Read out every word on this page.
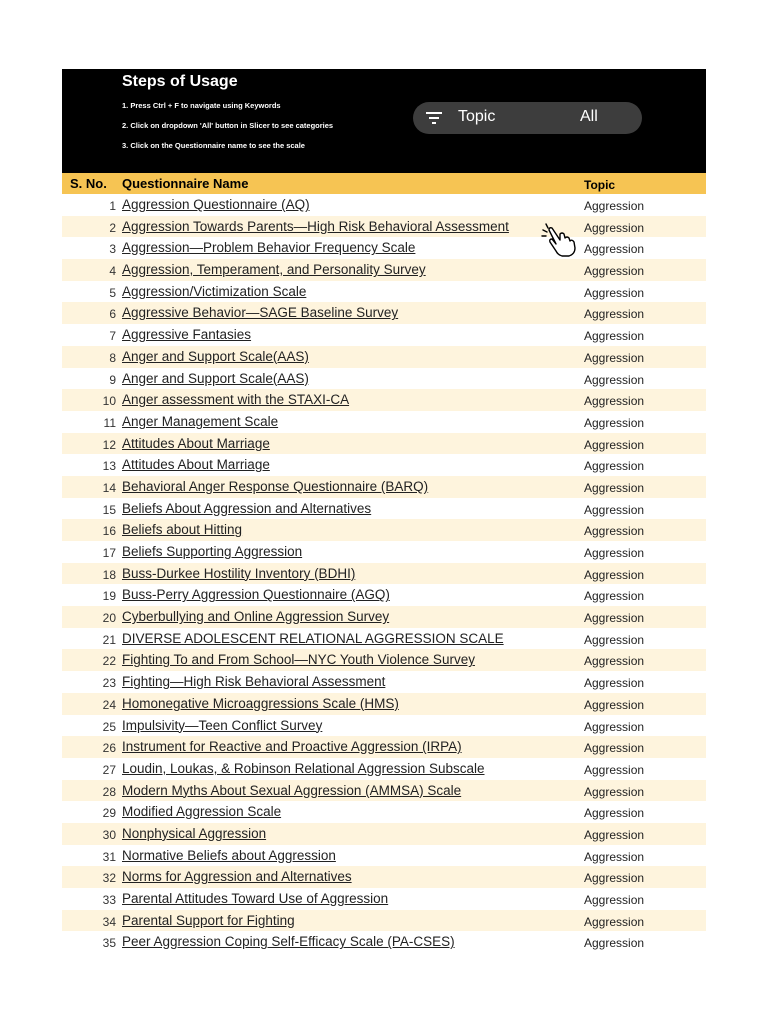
Steps of Usage
1. Press Ctrl + F to navigate using Keywords
2. Click on dropdown 'All' button in Slicer to see categories
3. Click on the Questionnaire name to see the scale
Topic	All
S. No. Questionnaire Name	Topic
1 Aggression Questionnaire (AQ)	Aggression
2 Aggression Towards Parents—High Risk Behavioral Assessment	Aggression
3 Aggression—Problem Behavior Frequency Scale	Aggression
4 Aggression, Temperament, and Personality Survey	Aggression
5 Aggression/Victimization Scale	Aggression
6 Aggressive Behavior—SAGE Baseline Survey	Aggression
7 Aggressive Fantasies	Aggression
8 Anger and Support Scale(AAS)	Aggression
9 Anger and Support Scale(AAS)	Aggression
10 Anger assessment with the STAXI-CA	Aggression
11 Anger Management Scale	Aggression
12 Attitudes About Marriage	Aggression
13 Attitudes About Marriage	Aggression
14 Behavioral Anger Response Questionnaire (BARQ)	Aggression
15 Beliefs About Aggression and Alternatives	Aggression
16 Beliefs about Hitting	Aggression
17 Beliefs Supporting Aggression	Aggression
18 Buss-Durkee Hostility Inventory (BDHI)	Aggression
19 Buss-Perry Aggression Questionnaire (AGQ)	Aggression
20 Cyberbullying and Online Aggression Survey	Aggression
21 DIVERSE ADOLESCENT RELATIONAL AGGRESSION SCALE	Aggression
22 Fighting To and From School—NYC Youth Violence Survey	Aggression
23 Fighting—High Risk Behavioral Assessment	Aggression
24 Homonegative Microaggressions Scale (HMS)	Aggression
25 Impulsivity—Teen Conflict Survey	Aggression
26 Instrument for Reactive and Proactive Aggression (IRPA)	Aggression
27 Loudin, Loukas, & Robinson Relational Aggression Subscale	Aggression
28 Modern Myths About Sexual Aggression (AMMSA) Scale	Aggression
29 Modified Aggression Scale	Aggression
30 Nonphysical Aggression	Aggression
31 Normative Beliefs about Aggression	Aggression
32 Norms for Aggression and Alternatives	Aggression
33 Parental Attitudes Toward Use of Aggression	Aggression
34 Parental Support for Fighting	Aggression
35 Peer Aggression Coping Self-Efficacy Scale (PA-CSES)	Aggression
